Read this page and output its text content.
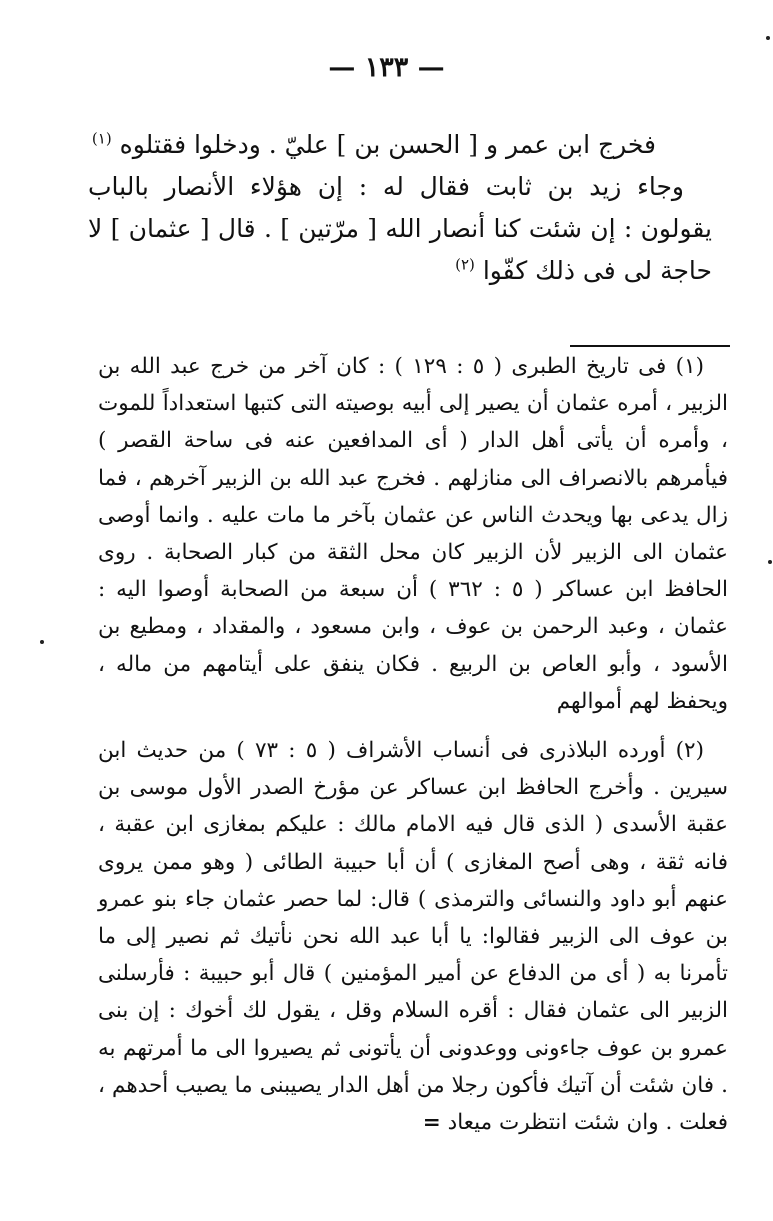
— ١٣٣ —

فخرج ابن عمر و [ الحسن بن ] عليّ . ودخلوا فقتلوه $^{(١)}$

وجاء زيد بن ثابت فقال له : إن هؤلاء الأنصار بالباب يقولون : إن شئت كنا أنصار الله [ مرّتين ] . قال [ عثمان ] لا حاجة لى فى ذلك كفّوا $^{(٢)}$

(١) فى تاريخ الطبرى ( ٥ : ١٢٩ ) : كان آخر من خرج عبد الله بن الزبير ، أمره عثمان أن يصير إلى أبيه بوصيته التى كتبها استعداداً للموت ، وأمره أن يأتى أهل الدار ( أى المدافعين عنه فى ساحة القصر ) فيأمرهم بالانصراف الى منازلهم . فخرج عبد الله بن الزبير آخرهم ، فما زال يدعى بها ويحدث الناس عن عثمان بآخر ما مات عليه . وانما أوصى عثمان الى الزبير لأن الزبير كان محل الثقة من كبار الصحابة . روى الحافظ ابن عساكر ( ٥ : ٣٦٢ ) أن سبعة من الصحابة أوصوا اليه : عثمان ، وعبد الرحمن بن عوف ، وابن مسعود ، والمقداد ، ومطيع بن الأسود ، وأبو العاص بن الربيع . فكان ينفق على أيتامهم من ماله ، ويحفظ لهم أموالهم

(٢) أورده البلاذرى فى أنساب الأشراف ( ٥ : ٧٣ ) من حديث ابن سيرين . وأخرج الحافظ ابن عساكر عن مؤرخ الصدر الأول موسى بن عقبة الأسدى ( الذى قال فيه الامام مالك : عليكم بمغازى ابن عقبة ، فانه ثقة ، وهى أصح المغازى ) أن أبا حبيبة الطائى ( وهو ممن يروى عنهم أبو داود والنسائى والترمذى ) قال: لما حصر عثمان جاء بنو عمرو بن عوف الى الزبير فقالوا: يا أبا عبد الله نحن نأتيك ثم نصير إلى ما تأمرنا به ( أى من الدفاع عن أمير المؤمنين ) قال أبو حبيبة : فأرسلنى الزبير الى عثمان فقال : أقره السلام وقل ، يقول لك أخوك : إن بنى عمرو بن عوف جاءونى ووعدونى أن يأتونى ثم يصيروا الى ما أمرتهم به . فان شئت أن آتيك فأكون رجلا من أهل الدار يصيبنى ما يصيب أحدهم ، فعلت . وان شئت انتظرت ميعاد =
